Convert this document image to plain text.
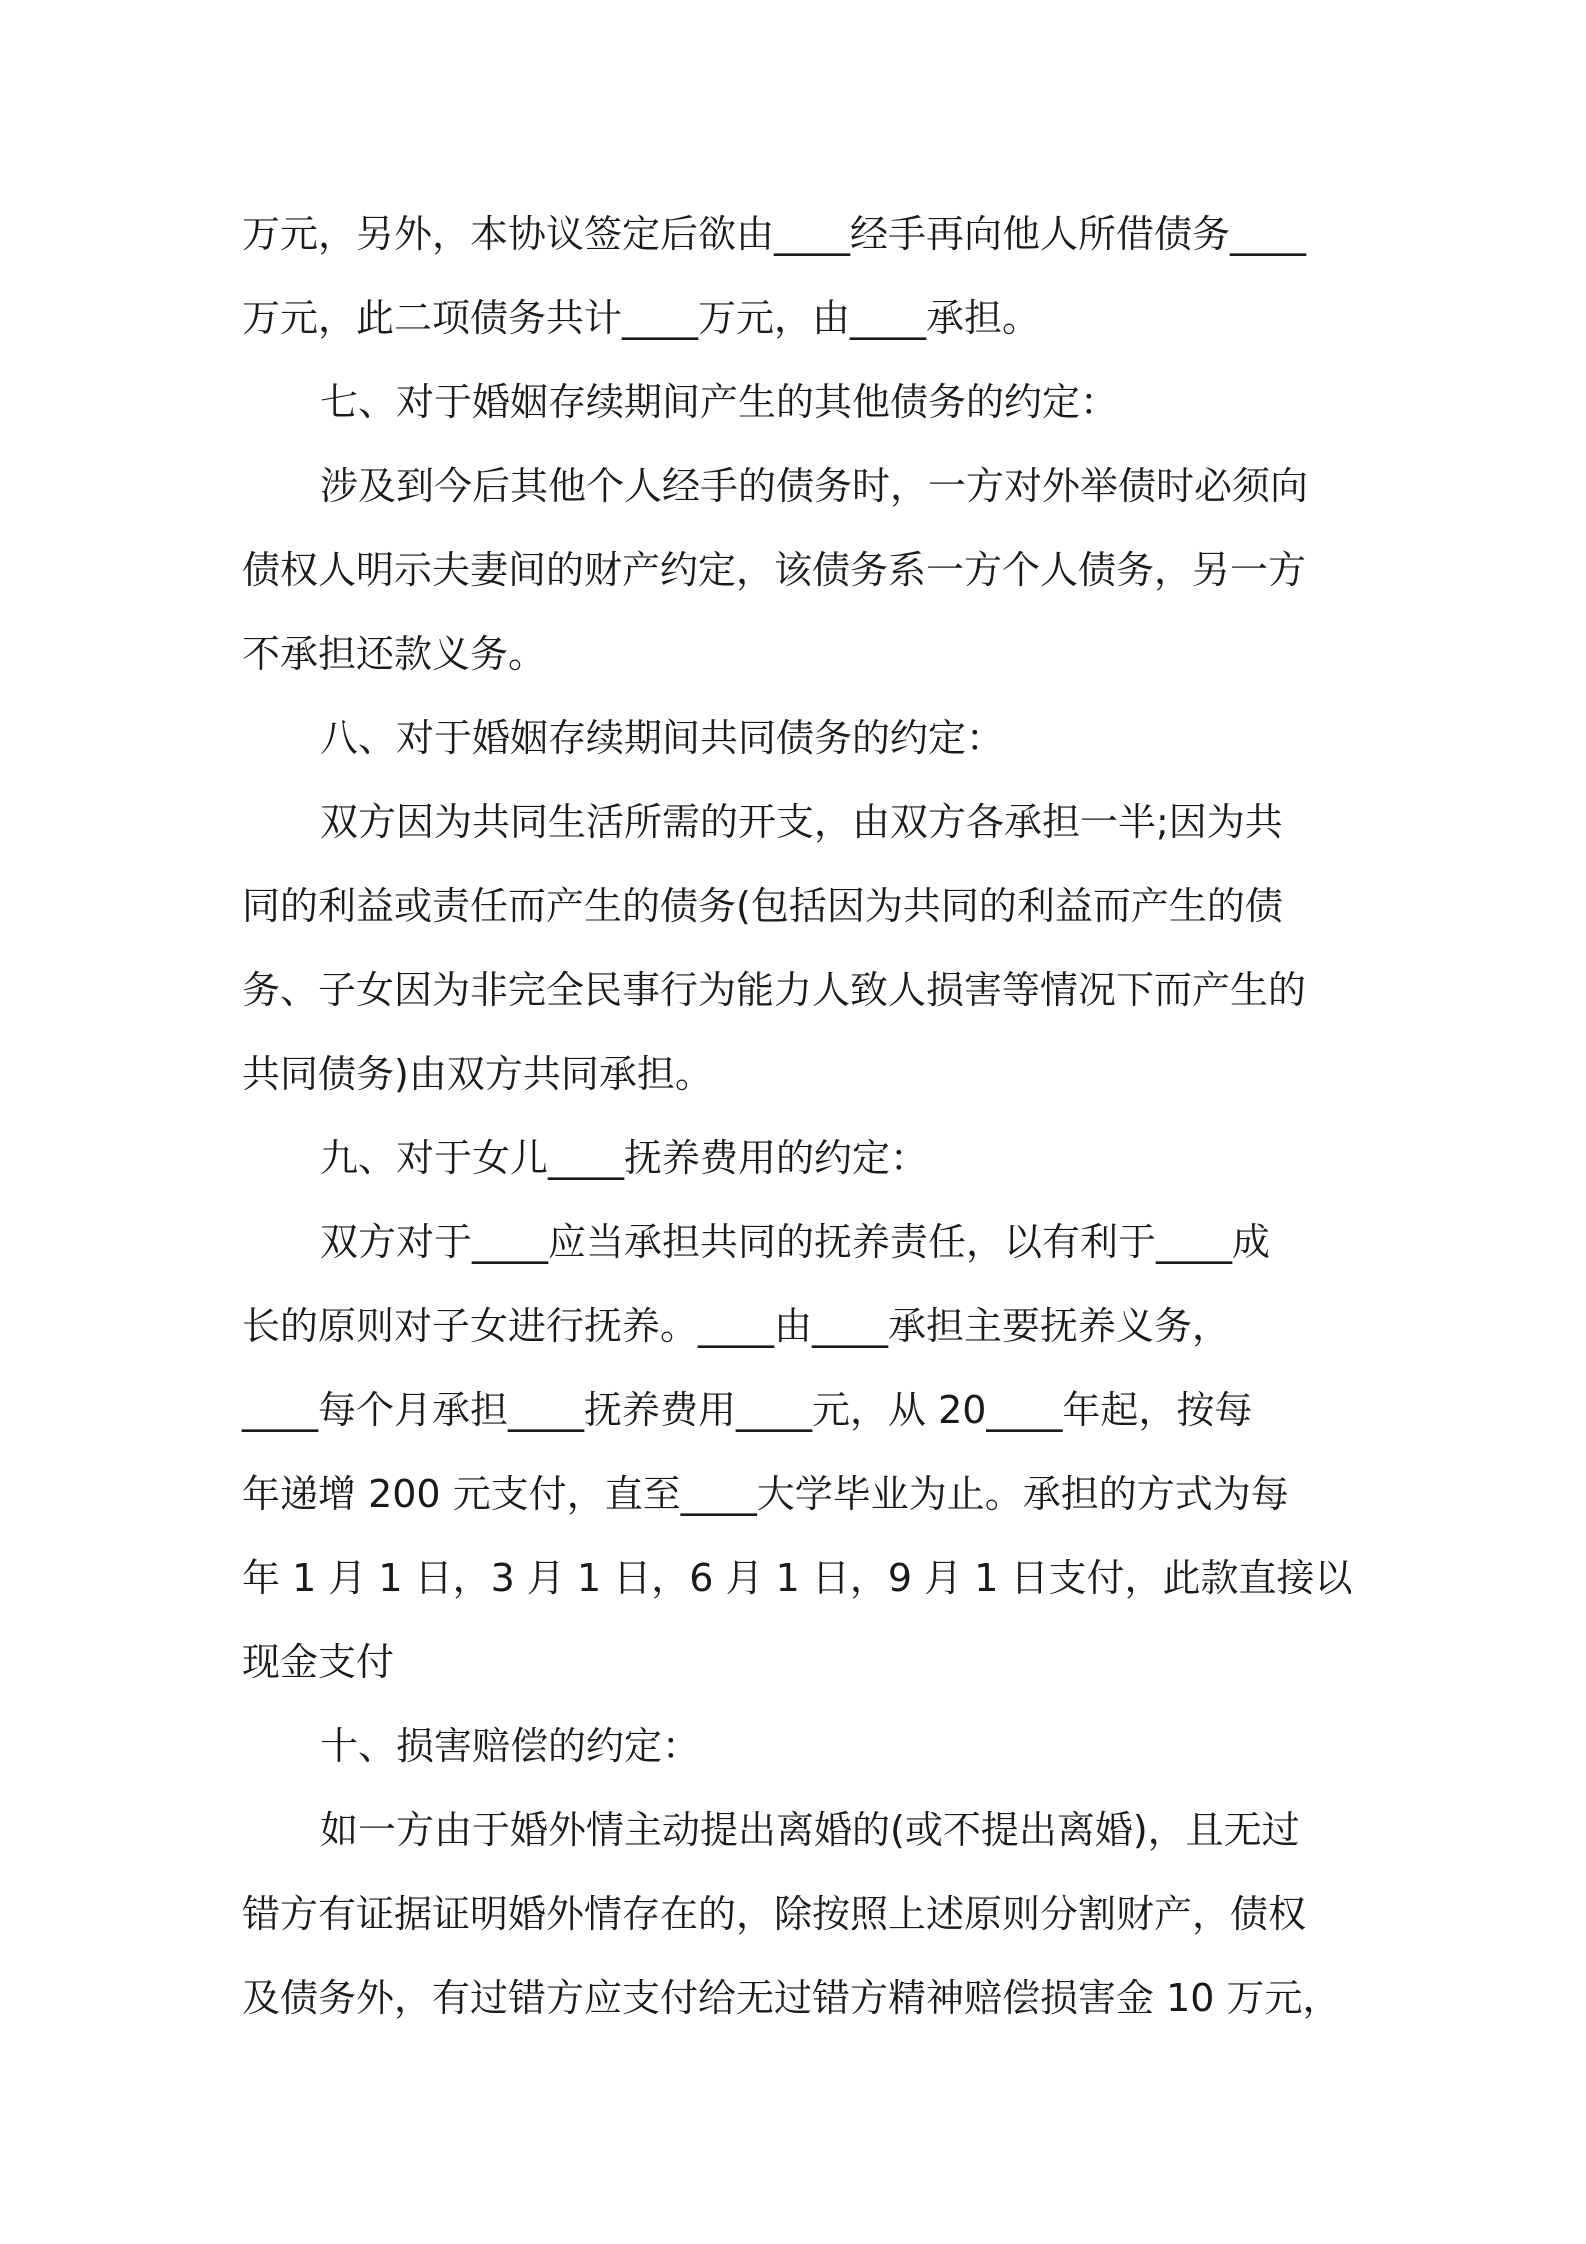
万元，另外，本协议签定后欲由____经手再向他人所借债务____
万元，此二项债务共计____万元，由____承担。
七、对于婚姻存续期间产生的其他债务的约定：
涉及到今后其他个人经手的债务时，一方对外举债时必须向
债权人明示夫妻间的财产约定，该债务系一方个人债务，另一方
不承担还款义务。
八、对于婚姻存续期间共同债务的约定：
双方因为共同生活所需的开支，由双方各承担一半;因为共
同的利益或责任而产生的债务(包括因为共同的利益而产生的债
务、子女因为非完全民事行为能力人致人损害等情况下而产生的
共同债务)由双方共同承担。
九、对于女儿____抚养费用的约定：
双方对于____应当承担共同的抚养责任，以有利于____成
长的原则对子女进行抚养。____由____承担主要抚养义务，
____每个月承担____抚养费用____元，从 20____年起，按每
年递增 200 元支付，直至____大学毕业为止。承担的方式为每
年 1 月 1 日，3 月 1 日，6 月 1 日，9 月 1 日支付，此款直接以
现金支付
十、损害赔偿的约定：
如一方由于婚外情主动提出离婚的(或不提出离婚)，且无过
错方有证据证明婚外情存在的，除按照上述原则分割财产，债权
及债务外，有过错方应支付给无过错方精神赔偿损害金 10 万元，
